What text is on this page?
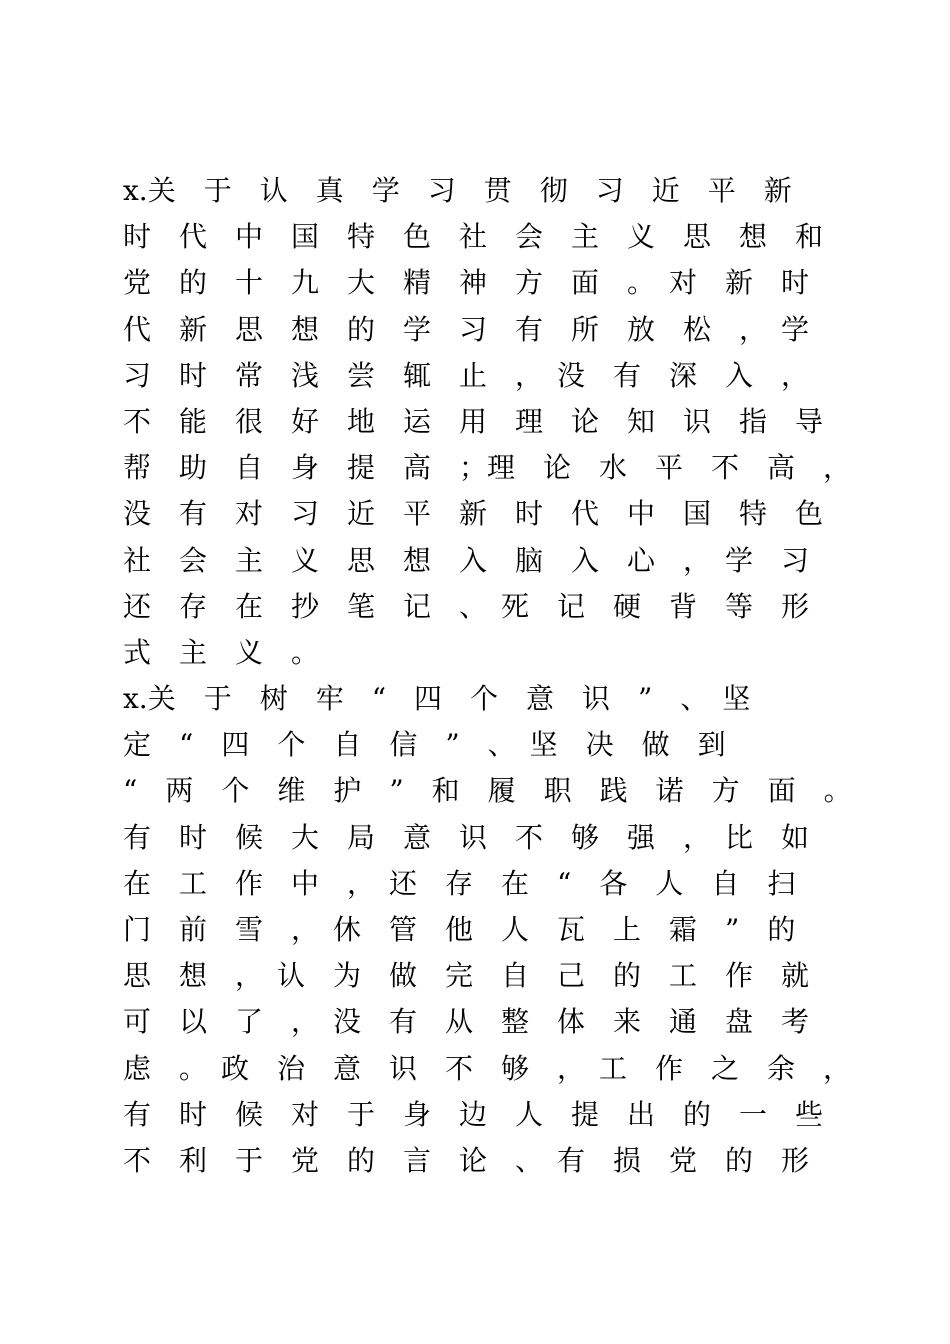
x.关　于　认　真　学　习　贯　彻　习　近　平　新
时　代　中　国　特　色　社　会　主　义　思　想　和
党　的　十　九　大　精　神　方　面　。　对　新　时
代　新　思　想　的　学　习　有　所　放　松　，　学
习　时　常　浅　尝　辄　止　，　没　有　深　入　，
不　能　很　好　地　运　用　理　论　知　识　指　导
帮　助　自　身　提　高　；理　论　水　平　不　高　，
没　有　对　习　近　平　新　时　代　中　国　特　色
社　会　主　义　思　想　入　脑　入　心　，　学　习
还　存　在　抄　笔　记　、　死　记　硬　背　等　形
式　主　义　。
x.关　于　树　牢　“　四　个　意　识　”　、　坚
定　“　四　个　自　信　”　、　坚　决　做　到
“　两　个　维　护　”　和　履　职　践　诺　方　面　。
有　时　候　大　局　意　识　不　够　强　，　比　如
在　工　作　中　，　还　存　在　“　各　人　自　扫
门　前　雪　，　休　管　他　人　瓦　上　霜　”　的
思　想　，　认　为　做　完　自　己　的　工　作　就
可　以　了　，　没　有　从　整　体　来　通　盘　考
虑　。　政　治　意　识　不　够　，　工　作　之　余　，
有　时　候　对　于　身　边　人　提　出　的　一　些
不　利　于　党　的　言　论　、　有　损　党　的　形
